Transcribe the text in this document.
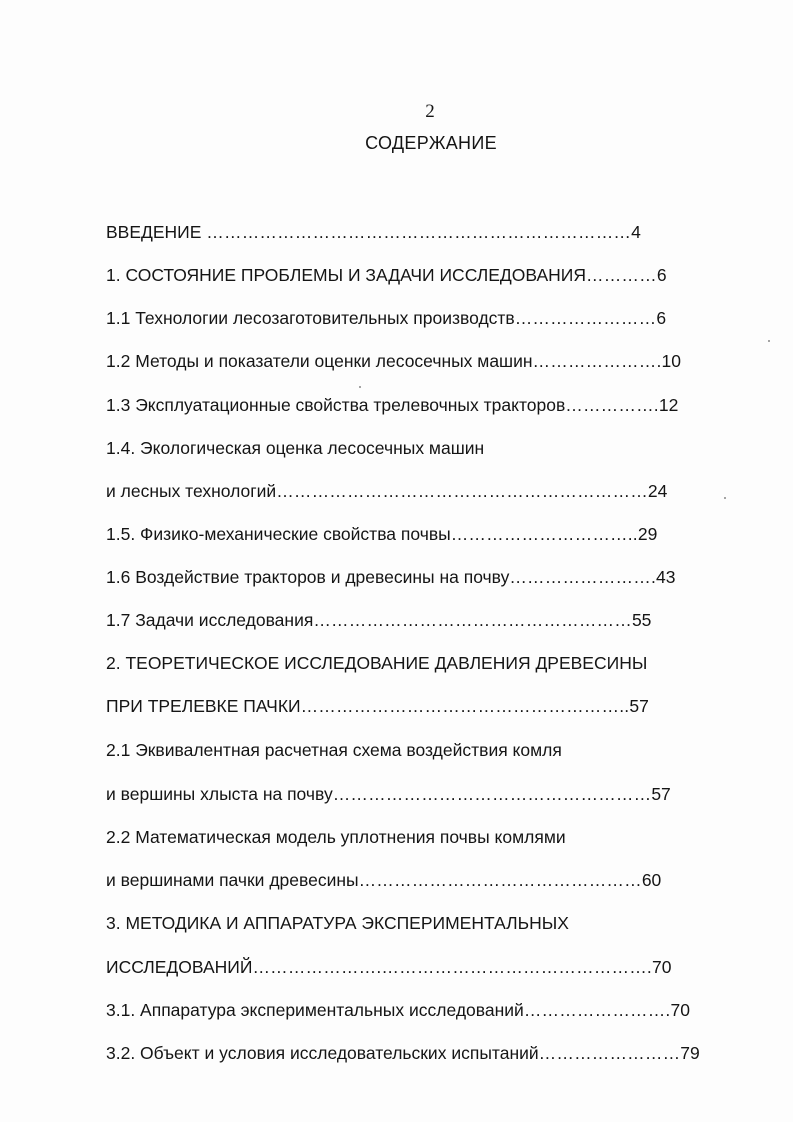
2
СОДЕРЖАНИЕ
ВВЕДЕНИЕ ………………………………………………………………4
1. СОСТОЯНИЕ ПРОБЛЕМЫ И ЗАДАЧИ ИССЛЕДОВАНИЯ…………6
1.1 Технологии лесозаготовительных производств……………………6
1.2 Методы и показатели оценки лесосечных машин………………….10
1.3 Эксплуатационные свойства трелевочных тракторов…………….12
1.4. Экологическая оценка лесосечных машин
и лесных технологий………………………………………………………24
1.5. Физико-механические свойства почвы…………………………..29
1.6 Воздействие тракторов и древесины на почву…………………….43
1.7 Задачи исследования………………………………………………55
2. ТЕОРЕТИЧЕСКОЕ ИССЛЕДОВАНИЕ ДАВЛЕНИЯ ДРЕВЕСИНЫ
ПРИ ТРЕЛЕВКЕ ПАЧКИ………………………………………………..57
2.1 Эквивалентная расчетная схема воздействия комля
и вершины хлыста на почву………………………………………………57
2.2 Математическая модель уплотнения почвы комлями
и вершинами пачки древесины…………………………………………60
3. МЕТОДИКА И АППАРАТУРА ЭКСПЕРИМЕНТАЛЬНЫХ
ИССЛЕДОВАНИЙ………………….……………………………………….70
3.1. Аппаратура экспериментальных исследований…………………….70
3.2. Объект и условия исследовательских испытаний……………………79
